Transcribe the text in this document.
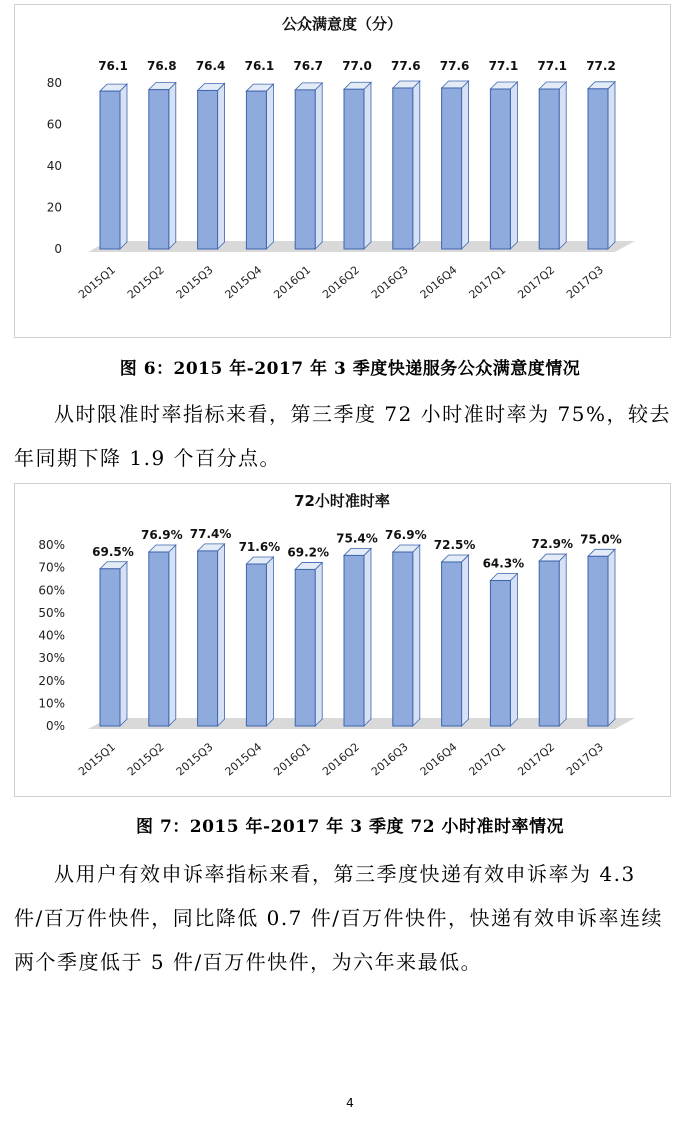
公众满意度（分）
0
20
40
60
80
76.1
2015Q1
76.8
2015Q2
76.4
2015Q3
76.1
2015Q4
76.7
2016Q1
77.0
2016Q2
77.6
2016Q3
77.6
2016Q4
77.1
2017Q1
77.1
2017Q2
77.2
2017Q3
图 6：2015 年-2017 年 3 季度快递服务公众满意度情况

从时限准时率指标来看，第三季度 72 小时准时率为 75%，较去年同期下降 1.9 个百分点。

72小时准时率
0%
10%
20%
30%
40%
50%
60%
70%
80% 69.5%
2015Q1
76.9%
2015Q2
77.4%
2015Q3
71.6%
2015Q4
69.2%
2016Q1
75.4%
2016Q2
76.9%
2016Q3
72.5%
2016Q4
64.3%
2017Q1
72.9%
2017Q2
75.0%
2017Q3
图 7：2015 年-2017 年 3 季度 72 小时准时率情况

从用户有效申诉率指标来看，第三季度快递有效申诉率为 4.3 件/百万件快件，同比降低 0.7 件/百万件快件，快递有效申诉率连续两个季度低于 5 件/百万件快件，为六年来最低。

4
